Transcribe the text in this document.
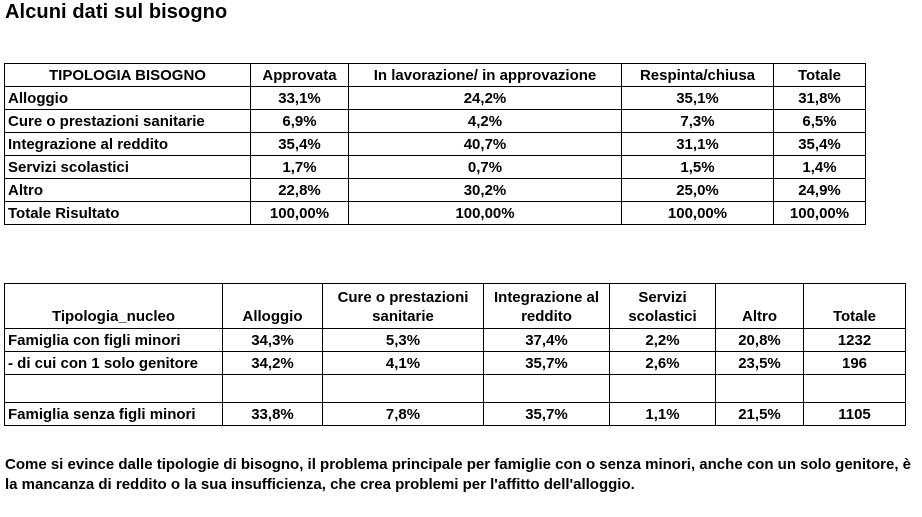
Alcuni dati sul bisogno
TIPOLOGIA BISOGNO	Approvata	In lavorazione/ in approvazione	Respinta/chiusa	Totale
Alloggio	33,1%	24,2%	35,1%	31,8%
Cure o prestazioni sanitarie	6,9%	4,2%	7,3%	6,5%
Integrazione al reddito	35,4%	40,7%	31,1%	35,4%
Servizi scolastici	1,7%	0,7%	1,5%	1,4%
Altro	22,8%	30,2%	25,0%	24,9%
Totale Risultato	100,00%	100,00%	100,00%	100,00%
Tipologia_nucleo	Alloggio	Cure o prestazioni sanitarie	Integrazione al reddito	Servizi scolastici	Altro	Totale
Famiglia con figli minori	34,3%	5,3%	37,4%	2,2%	20,8%	1232
- di cui con 1 solo genitore	34,2%	4,1%	35,7%	2,6%	23,5%	196

Famiglia senza figli minori	33,8%	7,8%	35,7%	1,1%	21,5%	1105
Come si evince dalle tipologie di bisogno, il problema principale per famiglie con o senza minori, anche con un solo genitore, è la mancanza di reddito o la sua insufficienza, che crea problemi per l'affitto dell'alloggio.
